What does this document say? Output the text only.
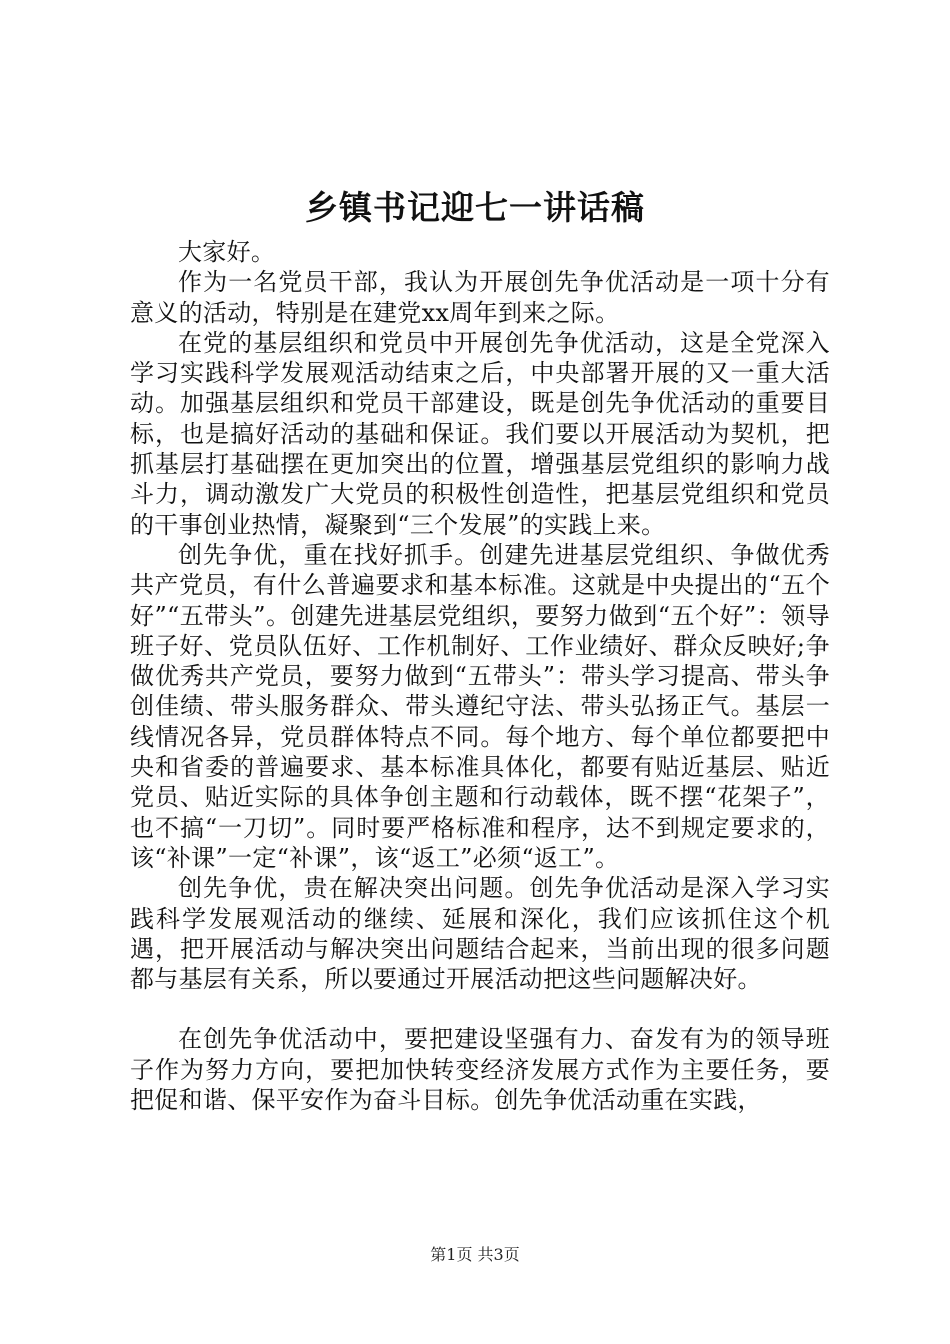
乡镇书记迎七一讲话稿

大家好。

作为一名党员干部，我认为开展创先争优活动是一项十分有意义的活动，特别是在建党xx周年到来之际。

在党的基层组织和党员中开展创先争优活动，这是全党深入学习实践科学发展观活动结束之后，中央部署开展的又一重大活动。加强基层组织和党员干部建设，既是创先争优活动的重要目标，也是搞好活动的基础和保证。我们要以开展活动为契机，把抓基层打基础摆在更加突出的位置，增强基层党组织的影响力战斗力，调动激发广大党员的积极性创造性，把基层党组织和党员的干事创业热情，凝聚到“三个发展”的实践上来。

创先争优，重在找好抓手。创建先进基层党组织、争做优秀共产党员，有什么普遍要求和基本标准。这就是中央提出的“五个好”“五带头”。创建先进基层党组织，要努力做到“五个好”：领导班子好、党员队伍好、工作机制好、工作业绩好、群众反映好;争做优秀共产党员，要努力做到“五带头”：带头学习提高、带头争创佳绩、带头服务群众、带头遵纪守法、带头弘扬正气。基层一线情况各异，党员群体特点不同。每个地方、每个单位都要把中央和省委的普遍要求、基本标准具体化，都要有贴近基层、贴近党员、贴近实际的具体争创主题和行动载体，既不摆“花架子”，也不搞“一刀切”。同时要严格标准和程序，达不到规定要求的，该“补课”一定“补课”，该“返工”必须“返工”。

创先争优，贵在解决突出问题。创先争优活动是深入学习实践科学发展观活动的继续、延展和深化，我们应该抓住这个机遇，把开展活动与解决突出问题结合起来，当前出现的很多问题都与基层有关系，所以要通过开展活动把这些问题解决好。

在创先争优活动中，要把建设坚强有力、奋发有为的领导班子作为努力方向，要把加快转变经济发展方式作为主要任务，要把促和谐、保平安作为奋斗目标。创先争优活动重在实践，

第1页 共3页
